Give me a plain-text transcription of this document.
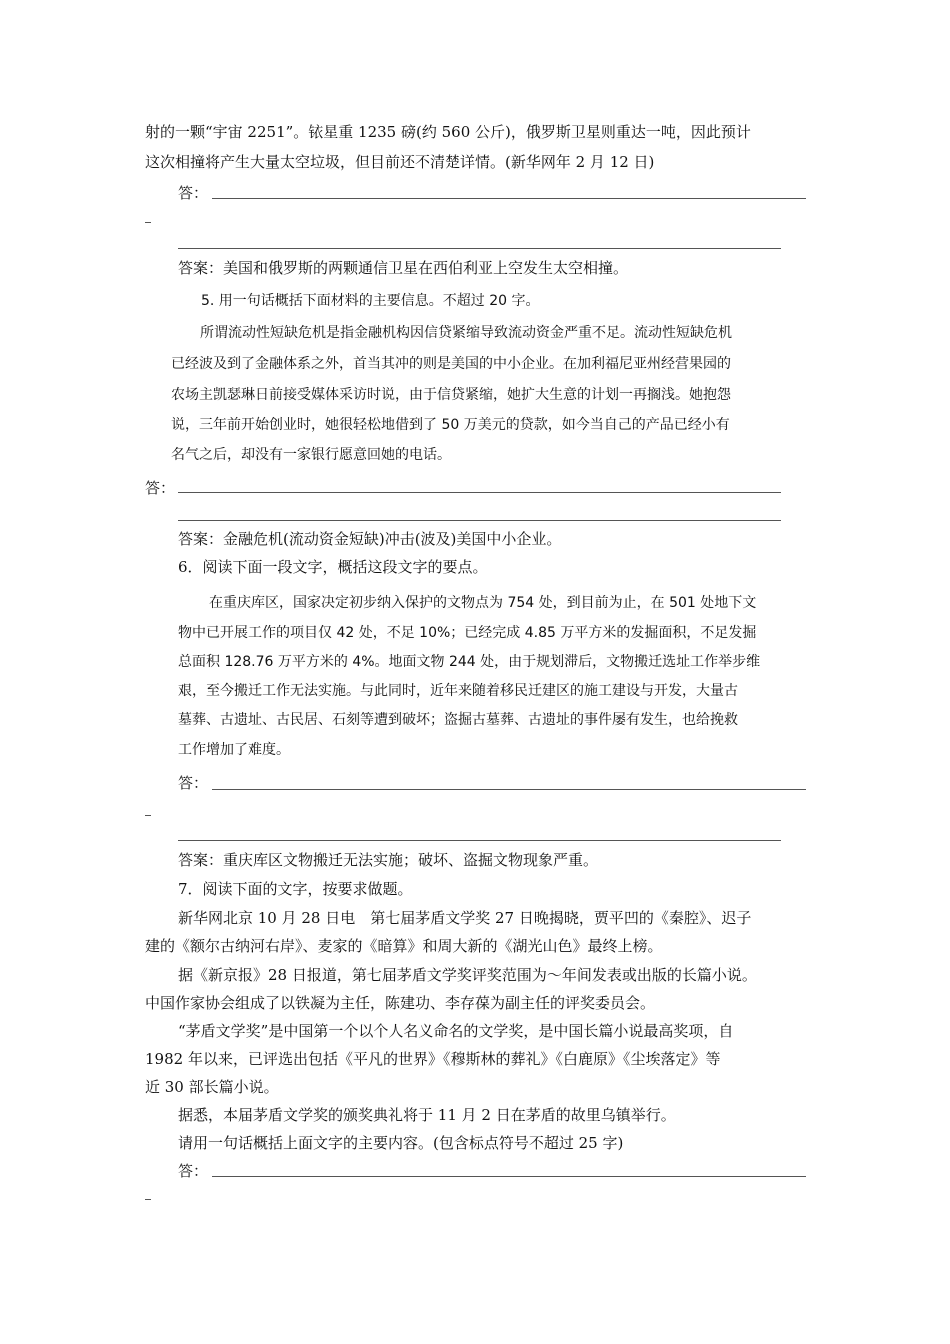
射的一颗“宇宙 2251”。铱星重 1235 磅(约 560 公斤)，俄罗斯卫星则重达一吨，因此预计
这次相撞将产生大量太空垃圾，但目前还不清楚详情。(新华网年 2 月 12 日)
答：
答案：美国和俄罗斯的两颗通信卫星在西伯利亚上空发生太空相撞。
5. 用一句话概括下面材料的主要信息。不超过 20 字。
所谓流动性短缺危机是指金融机构因信贷紧缩导致流动资金严重不足。流动性短缺危机
已经波及到了金融体系之外，首当其冲的则是美国的中小企业。在加利福尼亚州经营果园的
农场主凯瑟琳日前接受媒体采访时说，由于信贷紧缩，她扩大生意的计划一再搁浅。她抱怨
说，三年前开始创业时，她很轻松地借到了 50 万美元的贷款，如今当自己的产品已经小有
名气之后，却没有一家银行愿意回她的电话。
答：
答案：金融危机(流动资金短缺)冲击(波及)美国中小企业。
6．阅读下面一段文字，概括这段文字的要点。
在重庆库区，国家决定初步纳入保护的文物点为 754 处，到目前为止，在 501 处地下文
物中已开展工作的项目仅 42 处，不足 10%；已经完成 4.85 万平方米的发掘面积，不足发掘
总面积 128.76 万平方米的 4%。地面文物 244 处，由于规划滞后，文物搬迁选址工作举步维
艰，至今搬迁工作无法实施。与此同时，近年来随着移民迁建区的施工建设与开发，大量古
墓葬、古遗址、古民居、石刻等遭到破坏；盗掘古墓葬、古遗址的事件屡有发生，也给挽救
工作增加了难度。
答：
答案：重庆库区文物搬迁无法实施；破坏、盗掘文物现象严重。
7．阅读下面的文字，按要求做题。
新华网北京 10 月 28 日电　第七届茅盾文学奖 27 日晚揭晓，贾平凹的《秦腔》、迟子
建的《额尔古纳河右岸》、麦家的《暗算》和周大新的《湖光山色》最终上榜。
据《新京报》28 日报道，第七届茅盾文学奖评奖范围为～年间发表或出版的长篇小说。
中国作家协会组成了以铁凝为主任，陈建功、李存葆为副主任的评奖委员会。
“茅盾文学奖”是中国第一个以个人名义命名的文学奖，是中国长篇小说最高奖项，自
1982 年以来，已评选出包括《平凡的世界》《穆斯林的葬礼》《白鹿原》《尘埃落定》等
近 30 部长篇小说。
据悉，本届茅盾文学奖的颁奖典礼将于 11 月 2 日在茅盾的故里乌镇举行。
请用一句话概括上面文字的主要内容。(包含标点符号不超过 25 字)
答：
